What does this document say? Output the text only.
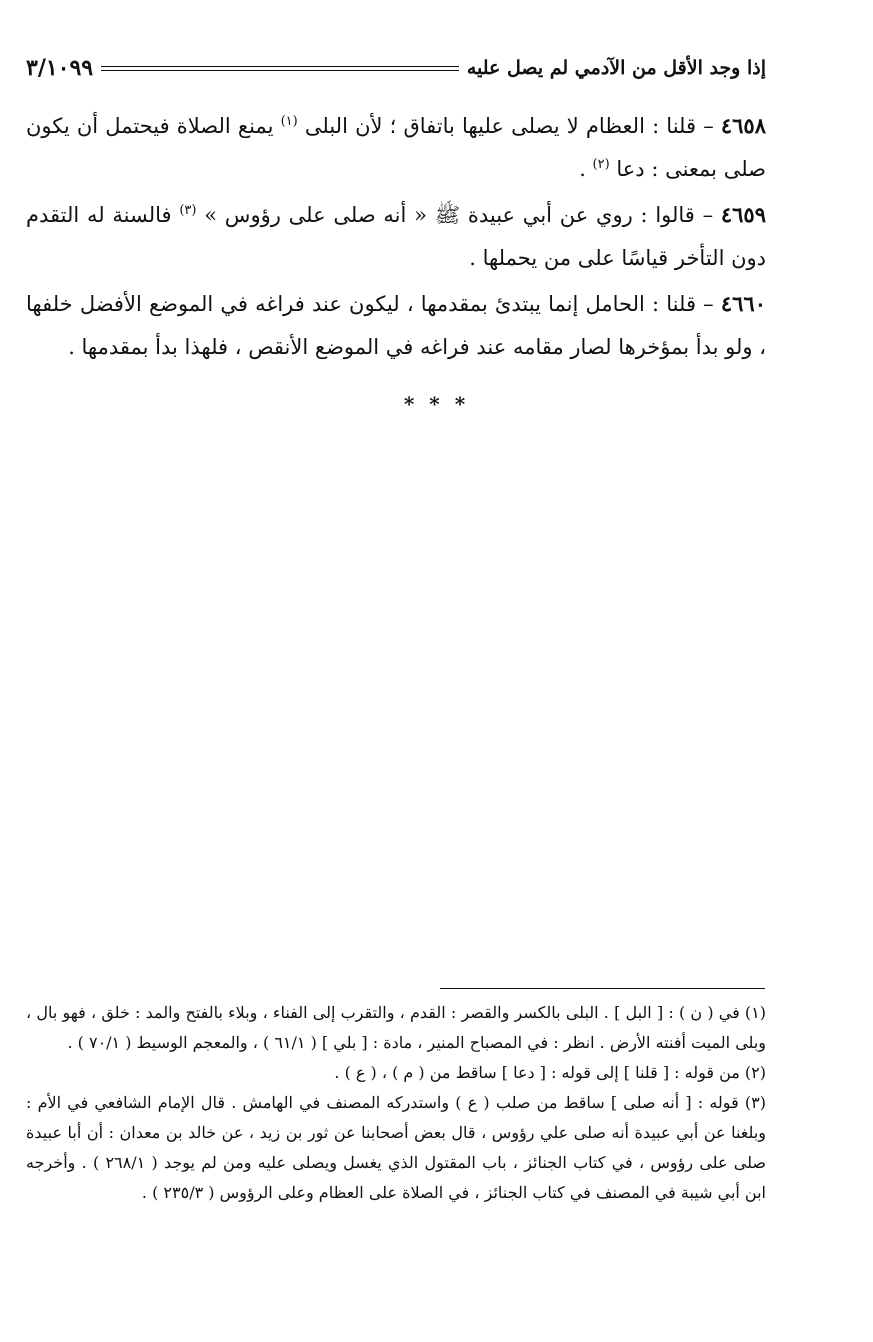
إذا وجد الأقل من الآدمي لم يصل عليه
٣/١٠٩٩

٤٦٥٨ – قلنا : العظام لا يصلى عليها باتفاق ؛ لأن البلى $^{(١)}$ يمنع الصلاة فيحتمل أن يكون صلى بمعنى : دعا $^{(٢)}$ .

٤٦٥٩ – قالوا : روي عن أبي عبيدة ﷺ « أنه صلى على رؤوس » $^{(٣)}$ فالسنة له التقدم دون التأخر قياسًا على من يحملها .

٤٦٦٠ – قلنا : الحامل إنما يبتدئ بمقدمها ، ليكون عند فراغه في الموضع الأفضل خلفها ، ولو بدأ بمؤخرها لصار مقامه عند فراغه في الموضع الأنقص ، فلهذا بدأ بمقدمها .

* * *

(١) في ( ن ) : [ البل ] . البلى بالكسر والقصر : القدم ، والتقرب إلى الفناء ، وبلاء بالفتح والمد : خلق ، فهو بال ، وبلى الميت أفنته الأرض . انظر : في المصباح المنير ، مادة : [ بلي ] ( ٦١/١ ) ، والمعجم الوسيط ( ٧٠/١ ) .

(٢) من قوله : [ قلنا ] إلى قوله : [ دعا ] ساقط من ( م ) ، ( ع ) .

(٣) قوله : [ أنه صلى ] ساقط من صلب ( ع ) واستدركه المصنف في الهامش . قال الإمام الشافعي في الأم : وبلغنا عن أبي عبيدة أنه صلى علي رؤوس ، قال بعض أصحابنا عن ثور بن زيد ، عن خالد بن معدان : أن أبا عبيدة صلى على رؤوس ، في كتاب الجنائز ، باب المقتول الذي يغسل ويصلى عليه ومن لم يوجد ( ٢٦٨/١ ) . وأخرجه ابن أبي شيبة في المصنف في كتاب الجنائز ، في الصلاة على العظام وعلى الرؤوس ( ٢٣٥/٣ ) .
